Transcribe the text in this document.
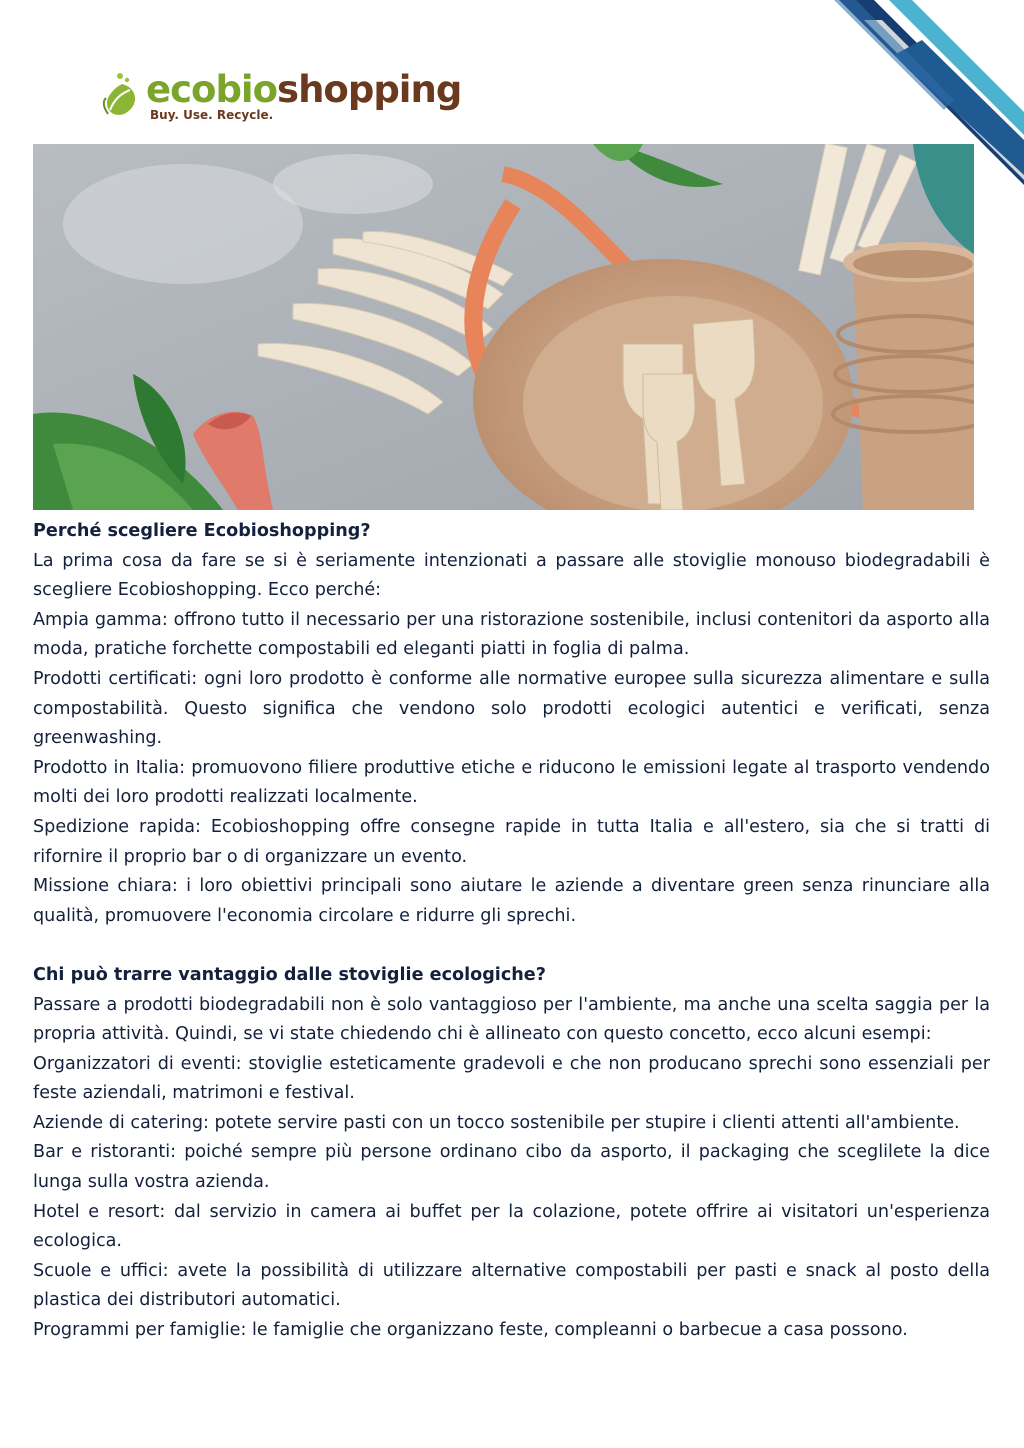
ecobioshopping
Buy. Use. Recycle.
Perché scegliere Ecobioshopping?

La prima cosa da fare se si è seriamente intenzionati a passare alle stoviglie monouso biodegradabili è scegliere Ecobioshopping. Ecco perché:

Ampia gamma: offrono tutto il necessario per una ristorazione sostenibile, inclusi contenitori da asporto alla moda, pratiche forchette compostabili ed eleganti piatti in foglia di palma.

Prodotti certificati: ogni loro prodotto è conforme alle normative europee sulla sicurezza alimentare e sulla compostabilità. Questo significa che vendono solo prodotti ecologici autentici e verificati, senza greenwashing.

Prodotto in Italia: promuovono filiere produttive etiche e riducono le emissioni legate al trasporto vendendo molti dei loro prodotti realizzati localmente.

Spedizione rapida: Ecobioshopping offre consegne rapide in tutta Italia e all'estero, sia che si tratti di rifornire il proprio bar o di organizzare un evento.

Missione chiara: i loro obiettivi principali sono aiutare le aziende a diventare green senza rinunciare alla qualità, promuovere l'economia circolare e ridurre gli sprechi.

Chi può trarre vantaggio dalle stoviglie ecologiche?

Passare a prodotti biodegradabili non è solo vantaggioso per l'ambiente, ma anche una scelta saggia per la propria attività. Quindi, se vi state chiedendo chi è allineato con questo concetto, ecco alcuni esempi:

Organizzatori di eventi: stoviglie esteticamente gradevoli e che non producano sprechi sono essenziali per feste aziendali, matrimoni e festival.

Aziende di catering: potete servire pasti con un tocco sostenibile per stupire i clienti attenti all'ambiente.

Bar e ristoranti: poiché sempre più persone ordinano cibo da asporto, il packaging che sceglilete la dice lunga sulla vostra azienda.

Hotel e resort: dal servizio in camera ai buffet per la colazione, potete offrire ai visitatori un'esperienza ecologica.

Scuole e uffici: avete la possibilità di utilizzare alternative compostabili per pasti e snack al posto della plastica dei distributori automatici.

Programmi per famiglie: le famiglie che organizzano feste, compleanni o barbecue a casa possono.
